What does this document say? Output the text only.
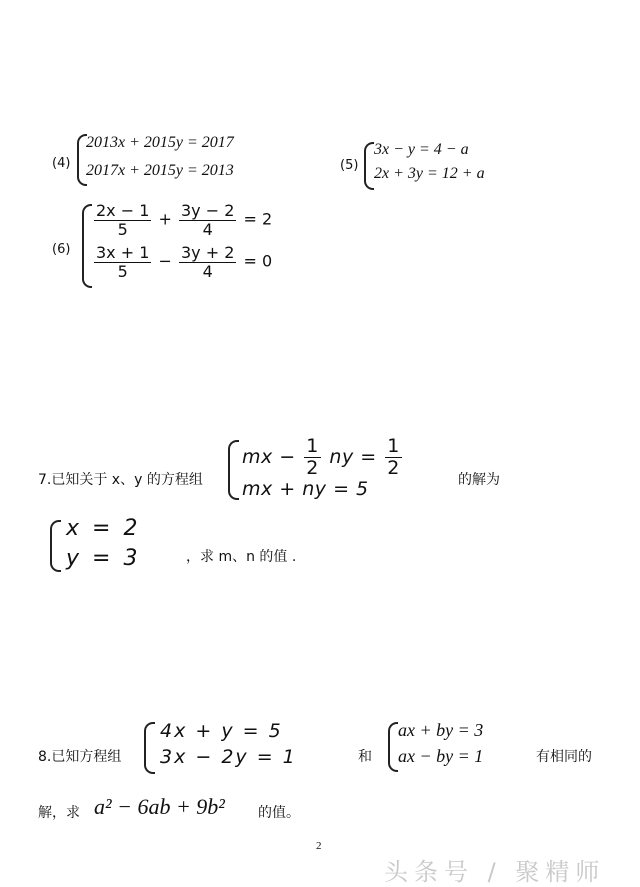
(4)
2013x + 2015y = 2017
2017x + 2015y = 2013	(5)
3x − y = 4 − a
2x + 3y = 12 + a
(6)
$\frac{2x - 1}{5} + \frac{3y - 2}{4} = 2$
$\frac{3x + 1}{5} - \frac{3y + 2}{4} = 0$
7.已知关于 x、y 的方程组
mx − $\frac{1}{2}$ ny = $\frac{1}{2}$
mx + ny = 5	的解为
x = 2
y = 3	，求 m、n 的值 .
8.已知方程组
4x + y = 5
3x − 2y = 1	和
ax + by = 3
ax − by = 1	有相同的
解，求 a² − 6ab + 9b² 的值。
2
头条号 / 聚精师
